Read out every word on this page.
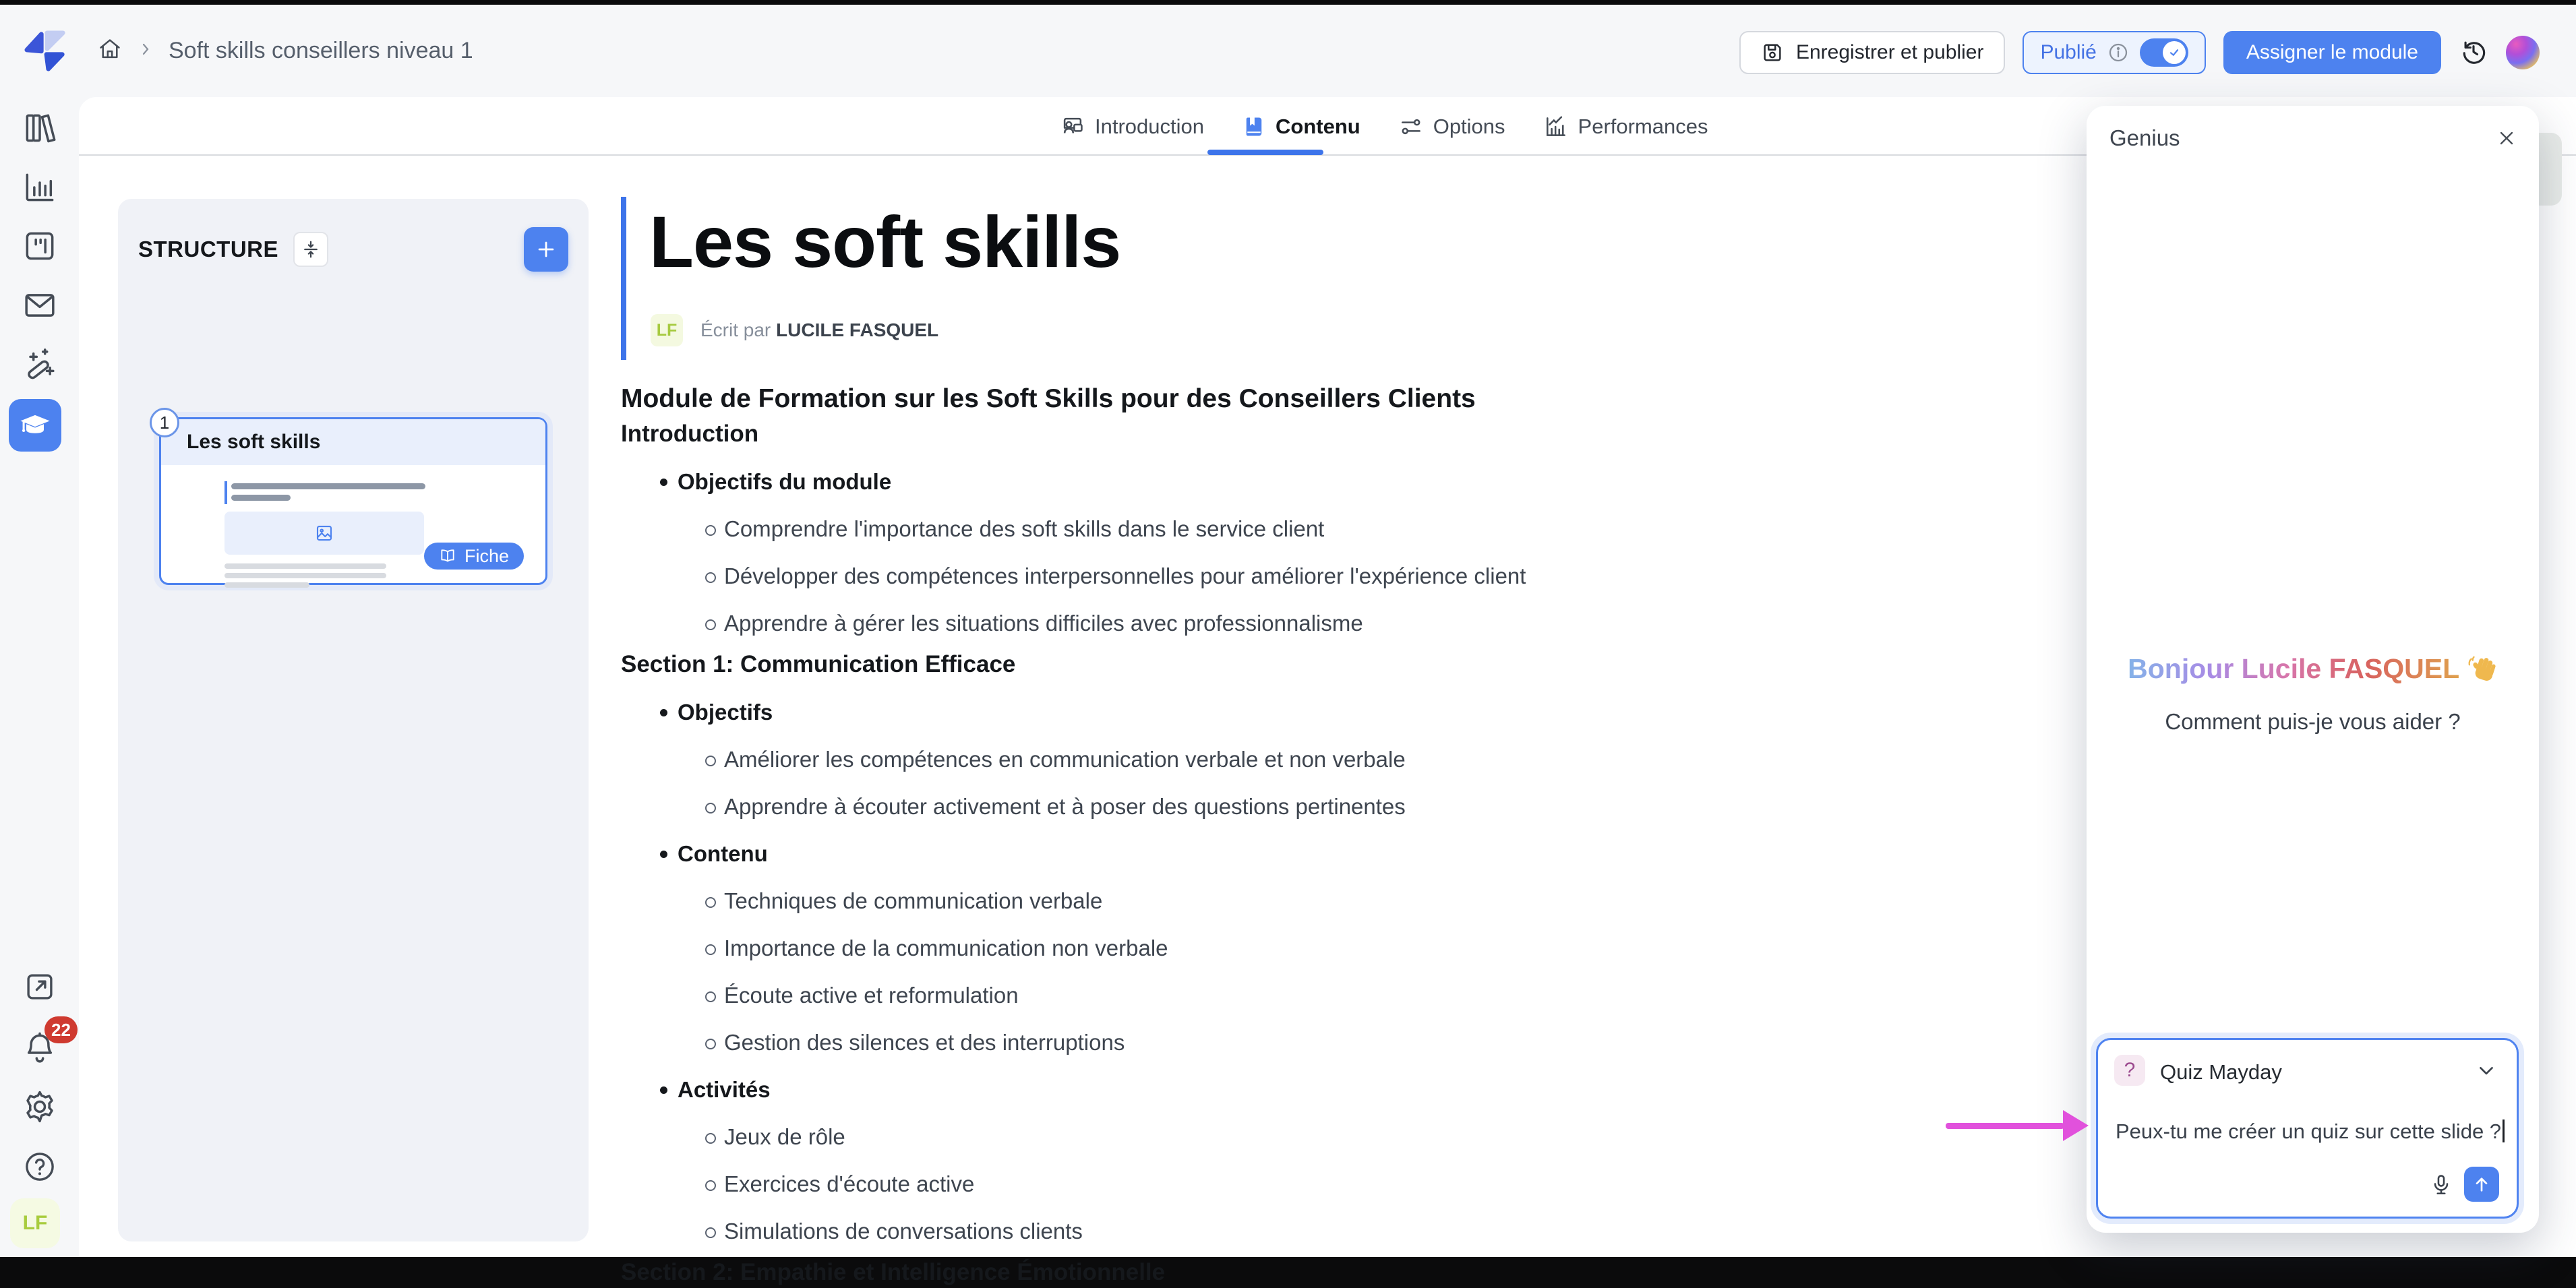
Soft skills conseillers niveau 1	Enregistrer et publier	Publié	Assigner le module
Introduction	Contenu	Options	Performances
STRUCTURE
1
Les soft skills
Fiche
Les soft skills
LF	Écrit par LUCILE FASQUEL
Module de Formation sur les Soft Skills pour des Conseillers Clients
Introduction
Objectifs du module
Comprendre l'importance des soft skills dans le service client
Développer des compétences interpersonnelles pour améliorer l'expérience client
Apprendre à gérer les situations difficiles avec professionnalisme
Section 1: Communication Efficace
Objectifs
Améliorer les compétences en communication verbale et non verbale
Apprendre à écouter activement et à poser des questions pertinentes
Contenu
Techniques de communication verbale
Importance de la communication non verbale
Écoute active et reformulation
Gestion des silences et des interruptions
Activités
Jeux de rôle
Exercices d'écoute active
Simulations de conversations clients
Section 2: Empathie et Intelligence Émotionnelle
22
LF
Genius
Bonjour Lucile FASQUEL
Comment puis-je vous aider ?
?	Quiz Mayday
Peux-tu me créer un quiz sur cette slide ?
